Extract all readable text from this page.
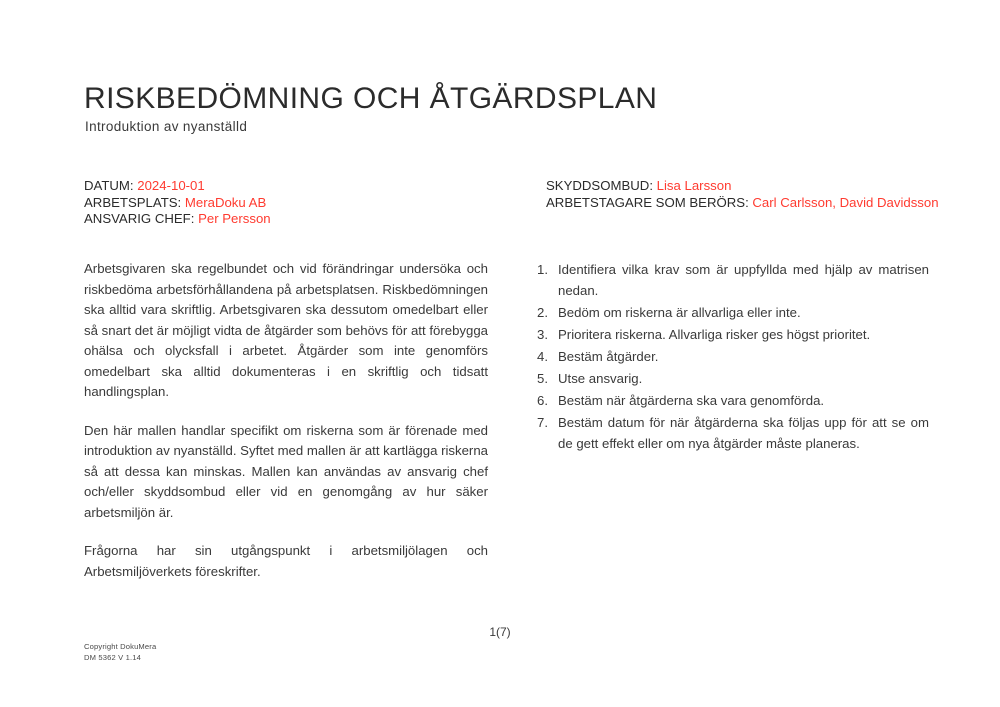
RISKBEDÖMNING OCH ÅTGÄRDSPLAN
Introduktion av nyanställd
DATUM: 2024-10-01
ARBETSPLATS: MeraDoku AB
ANSVARIG CHEF: Per Persson
SKYDDSOMBUD: Lisa Larsson
ARBETSTAGARE SOM BERÖRS: Carl Carlsson, David Davidsson

Arbetsgivaren ska regelbundet och vid förändringar undersöka och riskbedöma arbetsförhållandena på arbetsplatsen. Riskbedömningen ska alltid vara skriftlig. Arbetsgivaren ska dessutom omedelbart eller så snart det är möjligt vidta de åtgärder som behövs för att förebygga ohälsa och olycksfall i arbetet. Åtgärder som inte genomförs omedelbart ska alltid dokumenteras i en skriftlig och tidsatt handlingsplan.

Den här mallen handlar specifikt om riskerna som är förenade med introduktion av nyanställd. Syftet med mallen är att kartlägga riskerna så att dessa kan minskas. Mallen kan användas av ansvarig chef och/eller skyddsombud eller vid en genomgång av hur säker arbetsmiljön är.

Frågorna har sin utgångspunkt i arbetsmiljölagen och Arbetsmiljöverkets föreskrifter.

1. Identifiera vilka krav som är uppfyllda med hjälp av matrisen nedan.
2. Bedöm om riskerna är allvarliga eller inte.
3. Prioritera riskerna. Allvarliga risker ges högst prioritet.
4. Bestäm åtgärder.
5. Utse ansvarig.
6. Bestäm när åtgärderna ska vara genomförda.
7. Bestäm datum för när åtgärderna ska följas upp för att se om de gett effekt eller om nya åtgärder måste planeras.
Copyright DokuMera
DM 5362 V 1.14
1(7)
